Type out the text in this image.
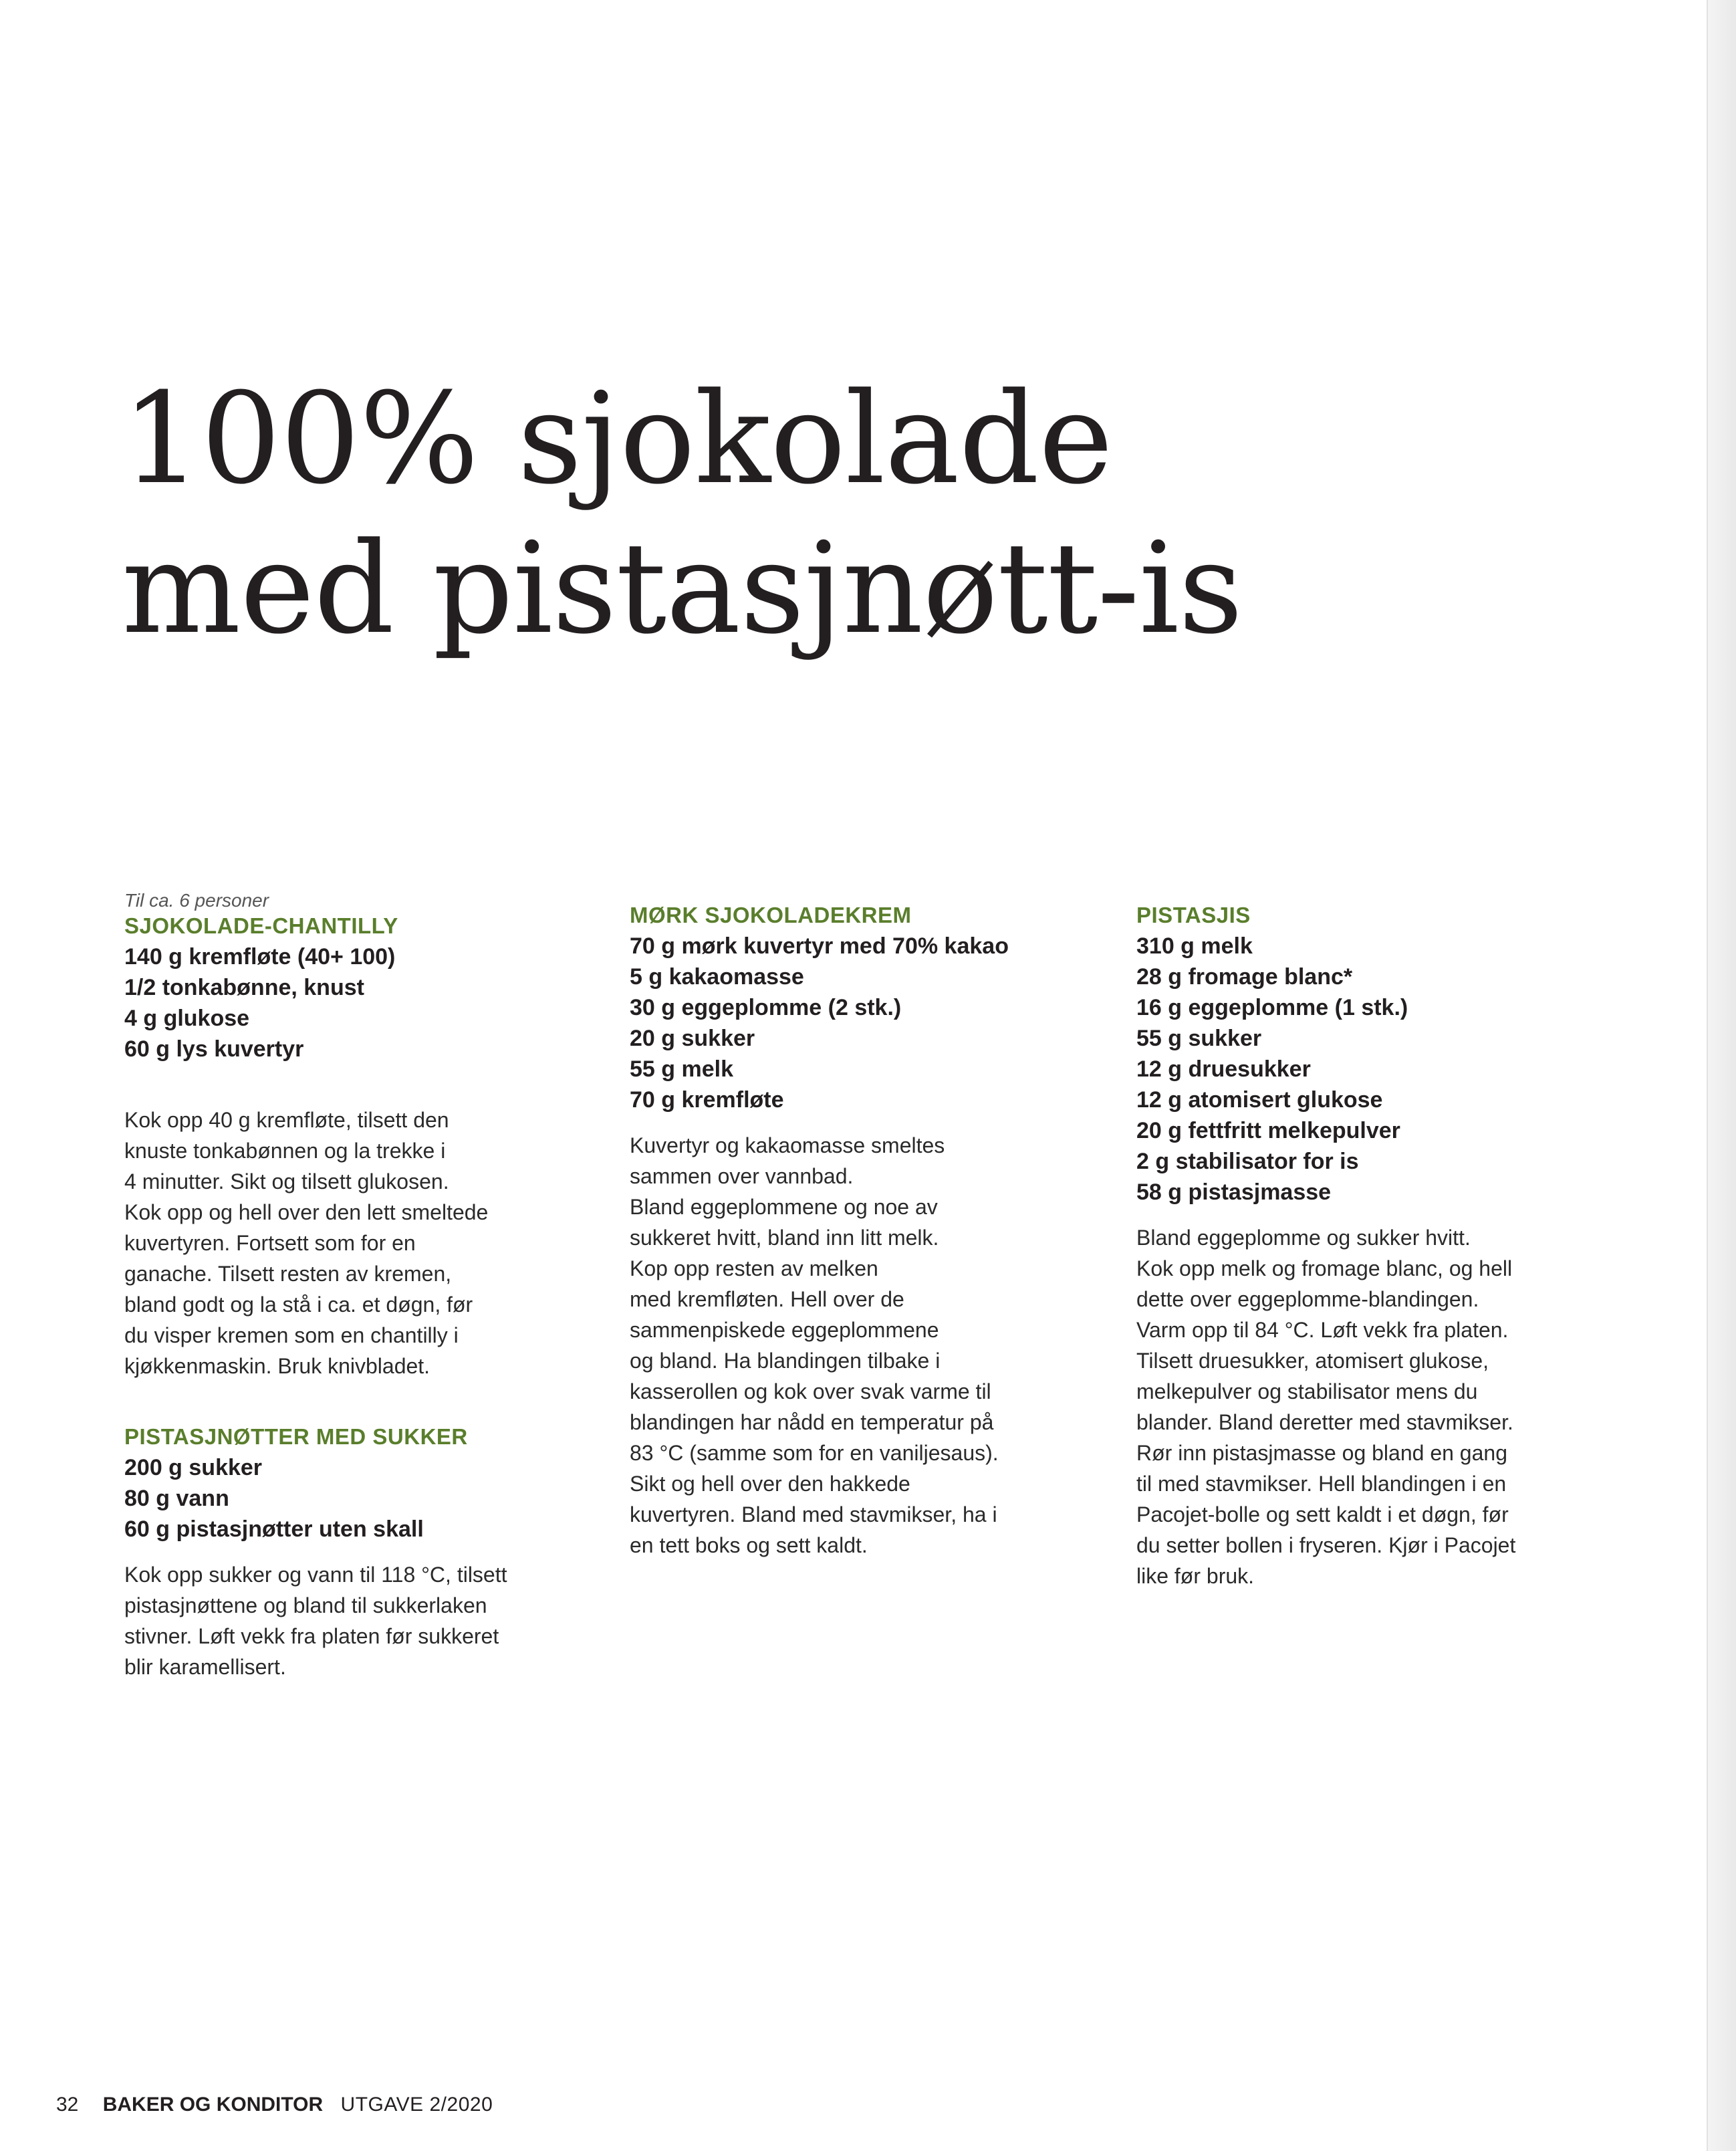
100% sjokolade
med pistasjnøtt-is

Til ca. 6 personer

SJOKOLADE-CHANTILLY
140 g kremfløte (40+ 100)
1/2 tonkabønne, knust
4 g glukose
60 g lys kuvertyr
Kok opp 40 g kremfløte, tilsett den
knuste tonkabønnen og la trekke i
4 minutter. Sikt og tilsett glukosen.
Kok opp og hell over den lett smeltede
kuvertyren. Fortsett som for en
ganache. Tilsett resten av kremen,
bland godt og la stå i ca. et døgn, før
du visper kremen som en chantilly i
kjøkkenmaskin. Bruk knivbladet.
PISTASJNØTTER MED SUKKER
200 g sukker
80 g vann
60 g pistasjnøtter uten skall
Kok opp sukker og vann til 118 °C, tilsett
pistasjnøttene og bland til sukkerlaken
stivner. Løft vekk fra platen før sukkeret
blir karamellisert.
MØRK SJOKOLADEKREM
70 g mørk kuvertyr med 70% kakao
5 g kakaomasse
30 g eggeplomme (2 stk.)
20 g sukker
55 g melk
70 g kremfløte
Kuvertyr og kakaomasse smeltes
sammen over vannbad.
Bland eggeplommene og noe av
sukkeret hvitt, bland inn litt melk.
Kop opp resten av melken
med kremfløten. Hell over de
sammenpiskede eggeplommene
og bland. Ha blandingen tilbake i
kasserollen og kok over svak varme til
blandingen har nådd en temperatur på
83 °C (samme som for en vaniljesaus).
Sikt og hell over den hakkede
kuvertyren. Bland med stavmikser, ha i
en tett boks og sett kaldt.
PISTASJIS
310 g melk
28 g fromage blanc*
16 g eggeplomme (1 stk.)
55 g sukker
12 g druesukker
12 g atomisert glukose
20 g fettfritt melkepulver
2 g stabilisator for is
58 g pistasjmasse
Bland eggeplomme og sukker hvitt.
Kok opp melk og fromage blanc, og hell
dette over eggeplomme-blandingen.
Varm opp til 84 °C. Løft vekk fra platen.
Tilsett druesukker, atomisert glukose,
melkepulver og stabilisator mens du
blander. Bland deretter med stavmikser.
Rør inn pistasjmasse og bland en gang
til med stavmikser. Hell blandingen i en
Pacojet-bolle og sett kaldt i et døgn, før
du setter bollen i fryseren. Kjør i Pacojet
like før bruk.
32 BAKER OG KONDITOR UTGAVE 2/2020
